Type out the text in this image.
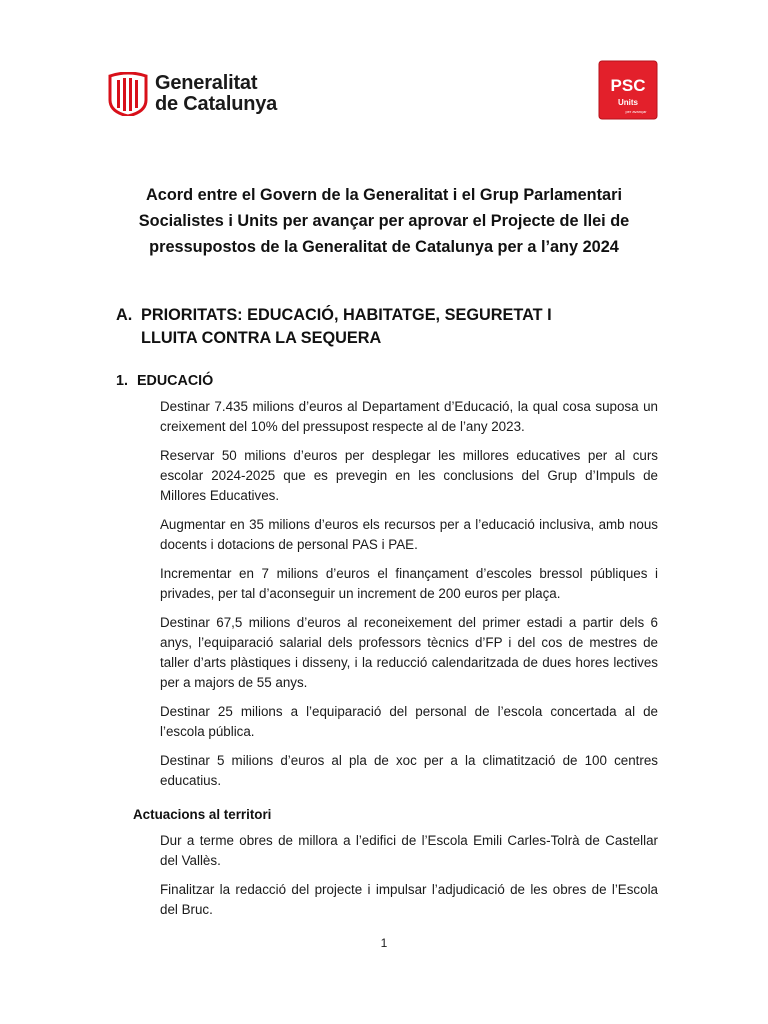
Generalitat
de Catalunya
PSC
Units
per avançar
Acord entre el Govern de la Generalitat i el Grup Parlamentari
Socialistes i Units per avançar per aprovar el Projecte de llei de
pressupostos de la Generalitat de Catalunya per a l’any 2024
A. PRIORITATS: EDUCACIÓ, HABITATGE, SEGURETAT I
LLUITA CONTRA LA SEQUERA
1. EDUCACIÓ

Destinar 7.435 milions d’euros al Departament d’Educació, la qual cosa suposa un creixement del 10% del pressupost respecte al de l’any 2023.

Reservar 50 milions d’euros per desplegar les millores educatives per al curs escolar 2024-2025 que es prevegin en les conclusions del Grup d’Impuls de Millores Educatives.

Augmentar en 35 milions d’euros els recursos per a l’educació inclusiva, amb nous docents i dotacions de personal PAS i PAE.

Incrementar en 7 milions d’euros el finançament d’escoles bressol públiques i privades, per tal d’aconseguir un increment de 200 euros per plaça.

Destinar 67,5 milions d’euros al reconeixement del primer estadi a partir dels 6 anys, l’equiparació salarial dels professors tècnics d’FP i del cos de mestres de taller d’arts plàstiques i disseny, i la reducció calendaritzada de dues hores lectives per a majors de 55 anys.

Destinar 25 milions a l’equiparació del personal de l’escola concertada al de l’escola pública.

Destinar 5 milions d’euros al pla de xoc per a la climatització de 100 centres educatius.

Actuacions al territori

Dur a terme obres de millora a l’edifici de l’Escola Emili Carles-Tolrà de Castellar del Vallès.

Finalitzar la redacció del projecte i impulsar l’adjudicació de les obres de l’Escola del Bruc.

1
